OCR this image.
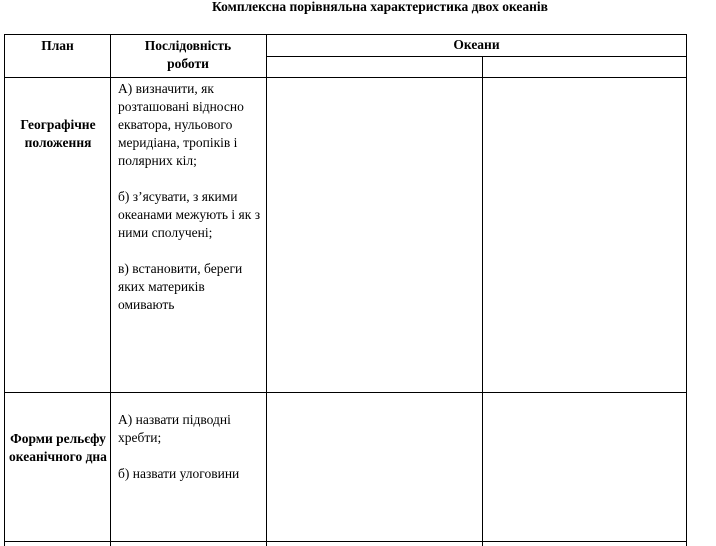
Комплексна порівняльна характеристика двох океанів
План	Послідовність роботи
Океани
Географічне положення

А) визначити, як розташовані відносно екватора, нульового меридіана, тропіків і полярних кіл;

б) з’ясувати, з якими океанами межують і як з ними сполучені;

в) встановити, береги яких материків омивають

Форми рельєфу океанічного дна

А) назвати підводні хребти;

б) назвати улоговини
